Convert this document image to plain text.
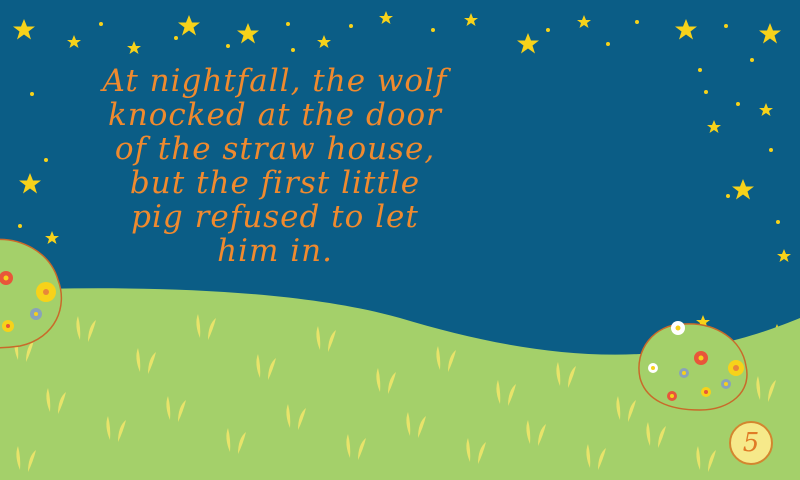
At nightfall, the wolf
knocked at the door
of the straw house,
but the first little
pig refused to let
him in.
5
